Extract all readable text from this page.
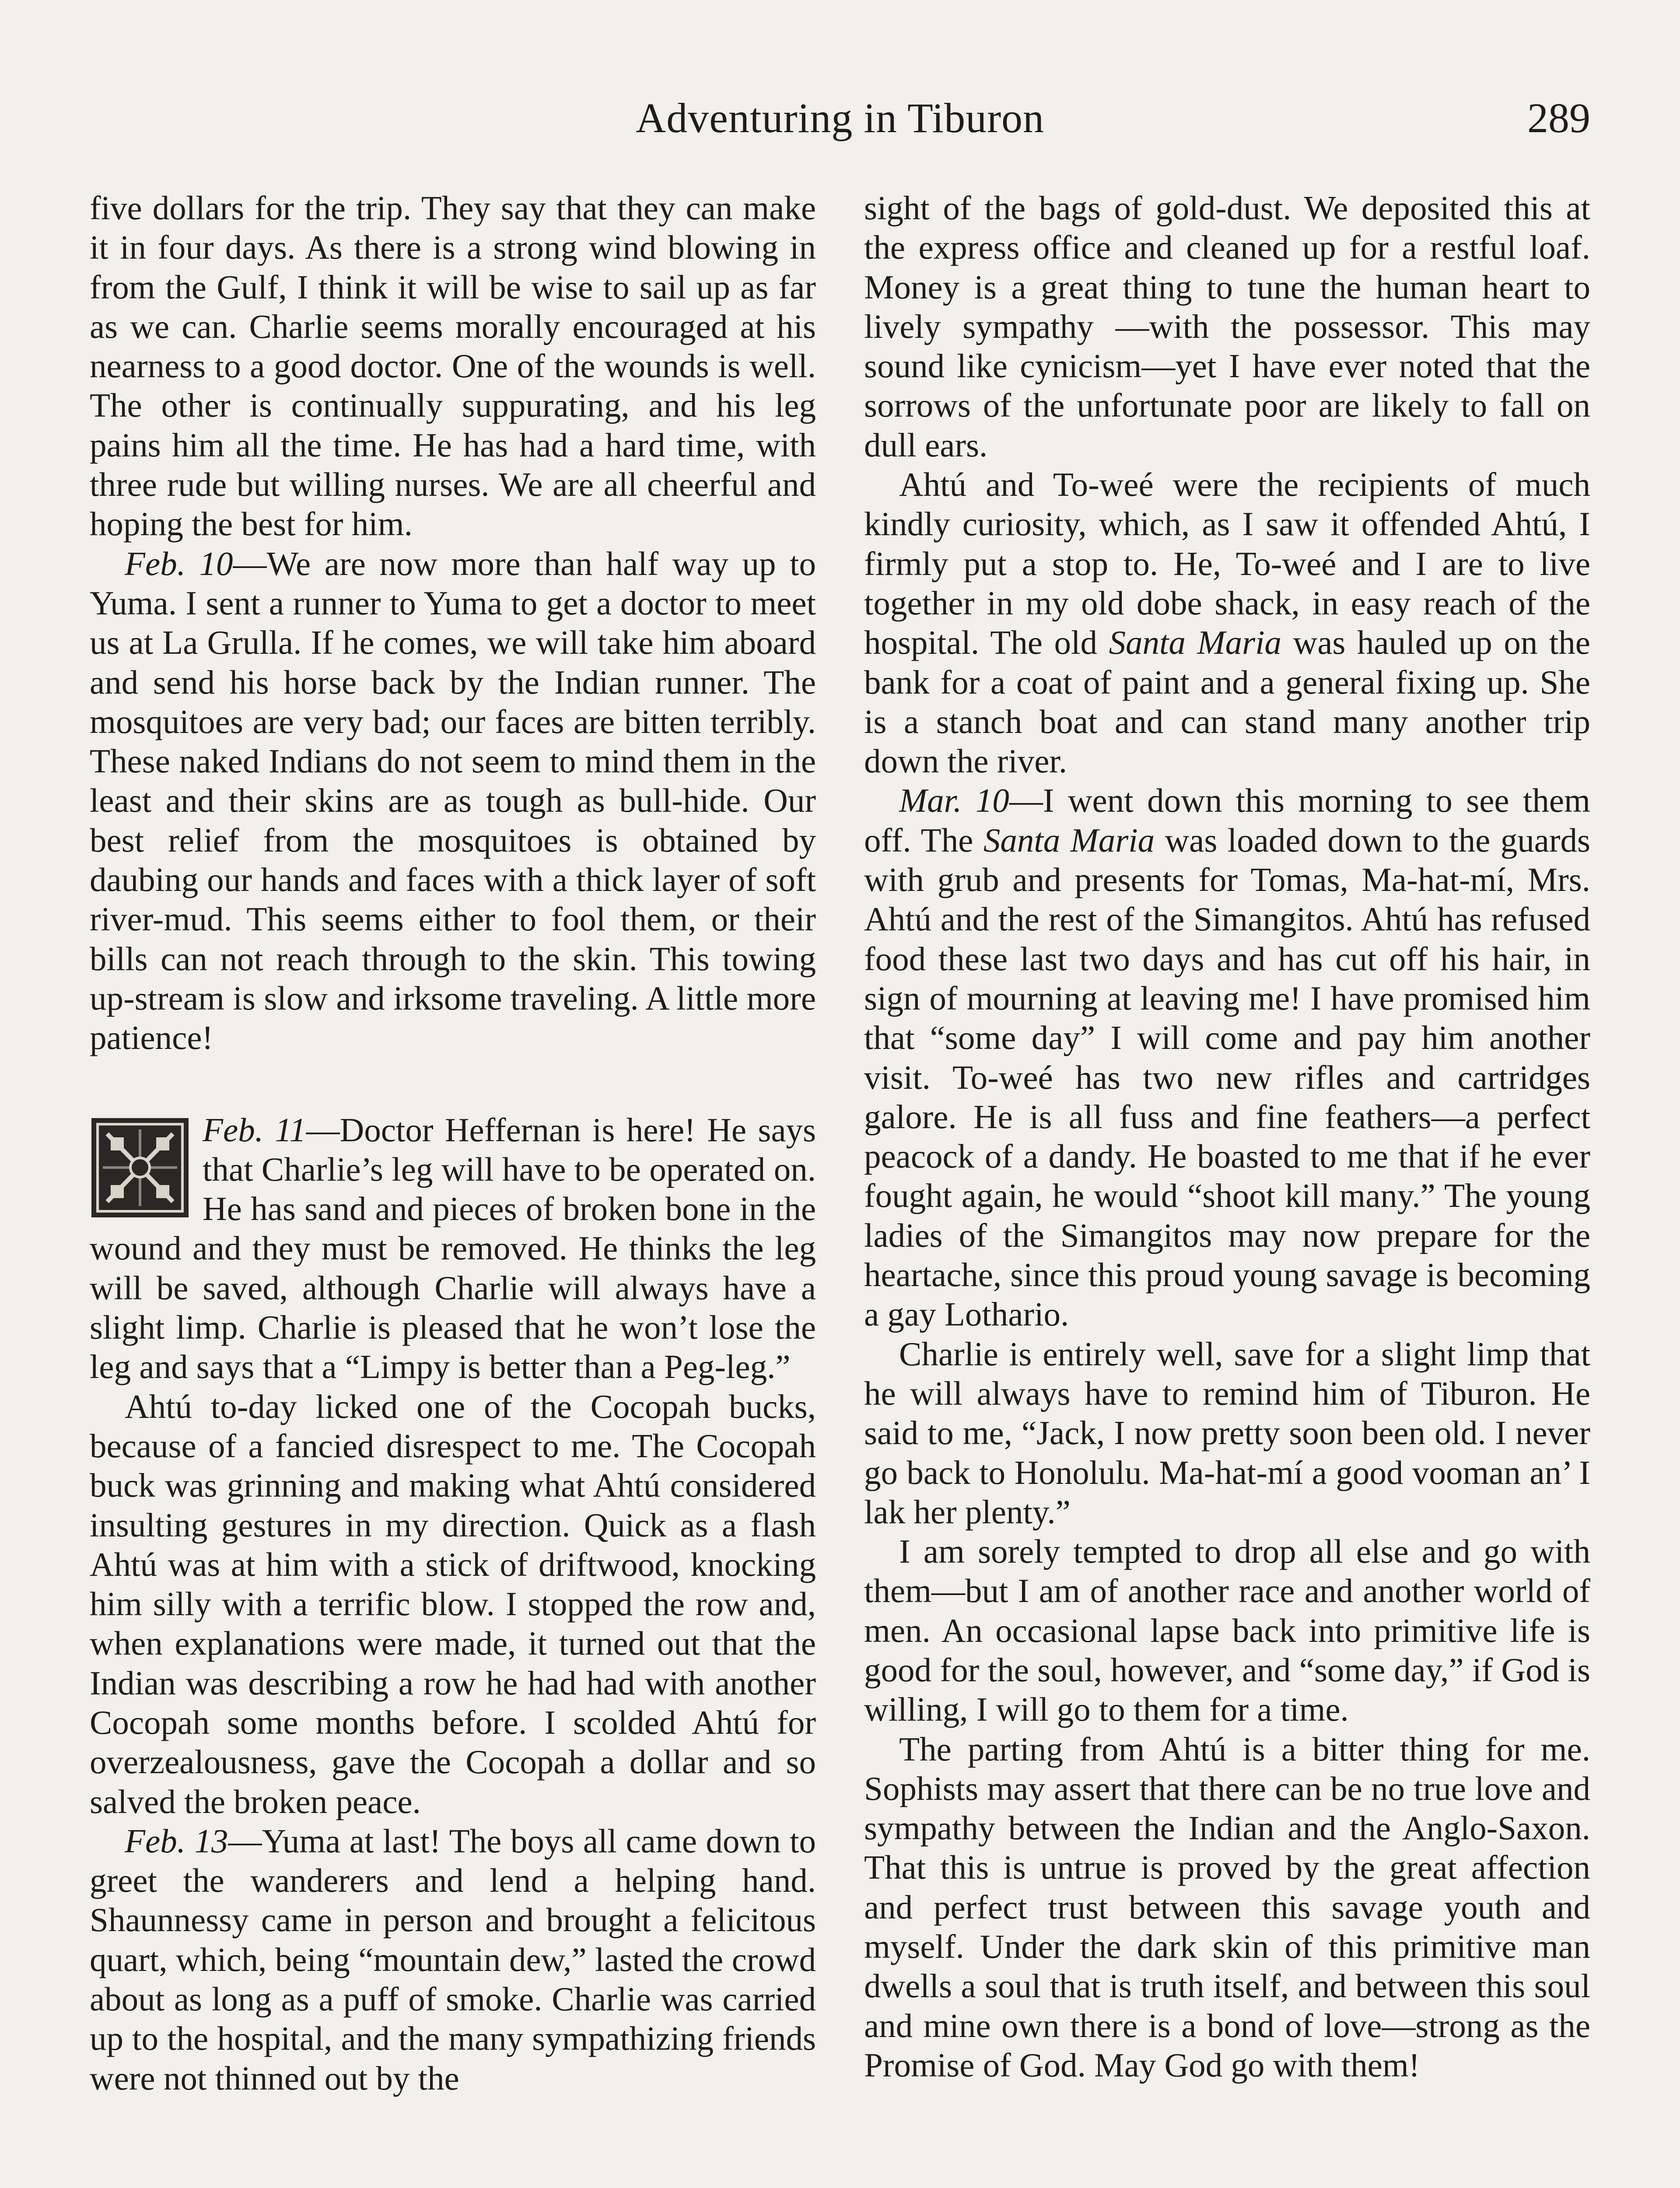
Adventuring in Tiburon	289

five dollars for the trip. They say that they can make it in four days. As there is a strong wind blowing in from the Gulf, I think it will be wise to sail up as far as we can. Charlie seems morally encouraged at his nearness to a good doctor. One of the wounds is well. The other is continually suppurating, and his leg pains him all the time. He has had a hard time, with three rude but willing nurses. We are all cheerful and hoping the best for him.

Feb. 10—We are now more than half way up to Yuma. I sent a runner to Yuma to get a doctor to meet us at La Grulla. If he comes, we will take him aboard and send his horse back by the Indian runner. The mosquitoes are very bad; our faces are bitten terribly. These naked Indians do not seem to mind them in the least and their skins are as tough as bull-hide. Our best relief from the mosquitoes is obtained by daubing our hands and faces with a thick layer of soft river-mud. This seems either to fool them, or their bills can not reach through to the skin. This towing up-stream is slow and irksome traveling. A little more patience!

Feb. 11—Doctor Heffernan is here! He says that Charlie’s leg will have to be operated on. He has sand and pieces of broken bone in the wound and they must be removed. He thinks the leg will be saved, although Charlie will always have a slight limp. Charlie is pleased that he won’t lose the leg and says that a “Limpy is better than a Peg-leg.”

Ahtú to-day licked one of the Cocopah bucks, because of a fancied disrespect to me. The Cocopah buck was grinning and making what Ahtú considered insulting gestures in my direction. Quick as a flash Ahtú was at him with a stick of driftwood, knocking him silly with a terrific blow. I stopped the row and, when explanations were made, it turned out that the Indian was describing a row he had had with another Cocopah some months before. I scolded Ahtú for overzealousness, gave the Cocopah a dollar and so salved the broken peace.

Feb. 13—Yuma at last! The boys all came down to greet the wanderers and lend a helping hand. Shaunnessy came in person and brought a felicitous quart, which, being “mountain dew,” lasted the crowd about as long as a puff of smoke. Charlie was carried up to the hospital, and the many sympathizing friends were not thinned out by the

sight of the bags of gold-dust. We deposited this at the express office and cleaned up for a restful loaf. Money is a great thing to tune the human heart to lively sympathy —with the possessor. This may sound like cynicism—yet I have ever noted that the sorrows of the unfortunate poor are likely to fall on dull ears.

Ahtú and To-weé were the recipients of much kindly curiosity, which, as I saw it offended Ahtú, I firmly put a stop to. He, To-weé and I are to live together in my old dobe shack, in easy reach of the hospital. The old Santa Maria was hauled up on the bank for a coat of paint and a general fixing up. She is a stanch boat and can stand many another trip down the river.

Mar. 10—I went down this morning to see them off. The Santa Maria was loaded down to the guards with grub and presents for Tomas, Ma-hat-mí, Mrs. Ahtú and the rest of the Simangitos. Ahtú has refused food these last two days and has cut off his hair, in sign of mourning at leaving me! I have promised him that “some day” I will come and pay him another visit. To-weé has two new rifles and cartridges galore. He is all fuss and fine feathers—a perfect peacock of a dandy. He boasted to me that if he ever fought again, he would “shoot kill many.” The young ladies of the Simangitos may now prepare for the heartache, since this proud young savage is becoming a gay Lothario.

Charlie is entirely well, save for a slight limp that he will always have to remind him of Tiburon. He said to me, “Jack, I now pretty soon been old. I never go back to Honolulu. Ma-hat-mí a good vooman an’ I lak her plenty.”

I am sorely tempted to drop all else and go with them—but I am of another race and another world of men. An occasional lapse back into primitive life is good for the soul, however, and “some day,” if God is willing, I will go to them for a time.

The parting from Ahtú is a bitter thing for me. Sophists may assert that there can be no true love and sympathy between the Indian and the Anglo-Saxon. That this is untrue is proved by the great affection and perfect trust between this savage youth and myself. Under the dark skin of this primitive man dwells a soul that is truth itself, and between this soul and mine own there is a bond of love—strong as the Promise of God. May God go with them!
